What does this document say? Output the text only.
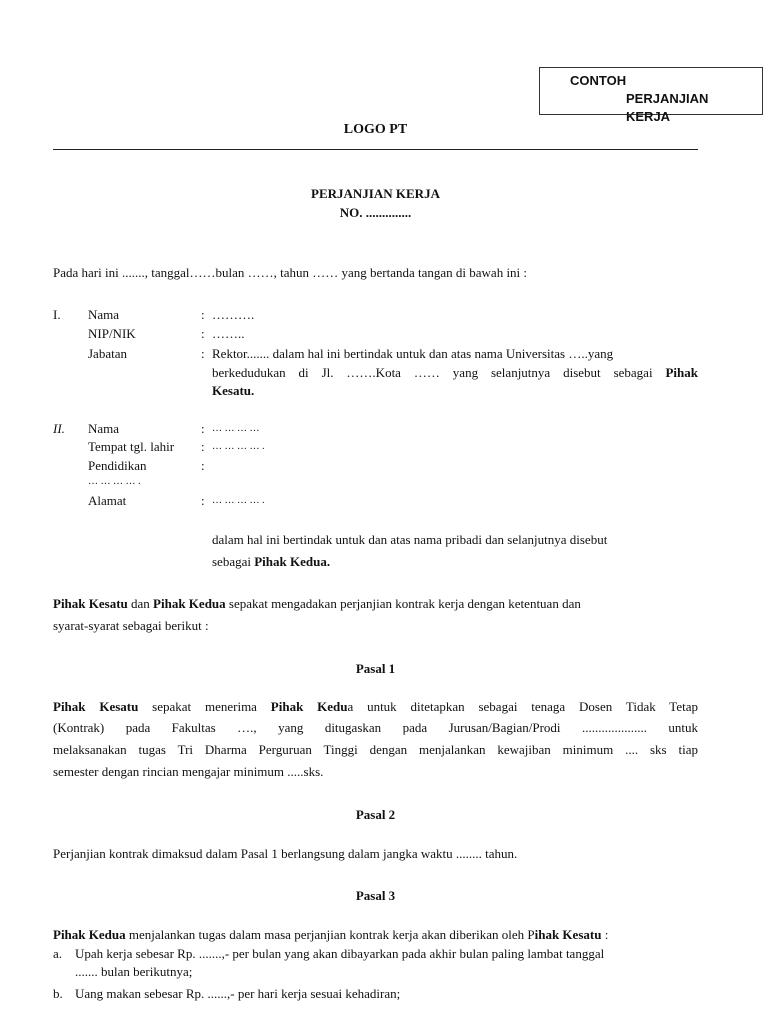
CONTOH
PERJANJIAN
KERJA
LOGO PT
PERJANJIAN KERJA
NO. ..............
Pada hari ini ......., tanggal……bulan ……, tahun …… yang bertanda tangan di bawah ini :
I. Nama	: ……….
NIP/NIK	: ……..
Jabatan	: Rektor....... dalam hal ini bertindak untuk dan atas nama Universitas …..yang
berkedudukan di Jl. …….Kota …… yang selanjutnya disebut sebagai Pihak
Kesatu.
II. Nama	: … … … …
Tempat tgl. lahir : … … … … .
Pendidikan	:
… … … … .
Alamat	: … … … … .
dalam hal ini bertindak untuk dan atas nama pribadi dan selanjutnya disebut
sebagai Pihak Kedua.
Pihak Kesatu dan Pihak Kedua sepakat mengadakan perjanjian kontrak kerja dengan ketentuan dan
syarat-syarat sebagai berikut :
Pasal 1
Pihak Kesatu sepakat menerima Pihak Kedua untuk ditetapkan sebagai tenaga Dosen Tidak Tetap
(Kontrak) pada Fakultas …., yang ditugaskan pada Jurusan/Bagian/Prodi .................... untuk
melaksanakan tugas Tri Dharma Perguruan Tinggi dengan menjalankan kewajiban minimum .... sks tiap
semester dengan rincian mengajar minimum .....sks.
Pasal 2
Perjanjian kontrak dimaksud dalam Pasal 1 berlangsung dalam jangka waktu ........ tahun.
Pasal 3
Pihak Kedua menjalankan tugas dalam masa perjanjian kontrak kerja akan diberikan oleh Pihak Kesatu :
a. Upah kerja sebesar Rp. .......,- per bulan yang akan dibayarkan pada akhir bulan paling lambat tanggal
....... bulan berikutnya;
b. Uang makan sebesar Rp. ......,- per hari kerja sesuai kehadiran;
